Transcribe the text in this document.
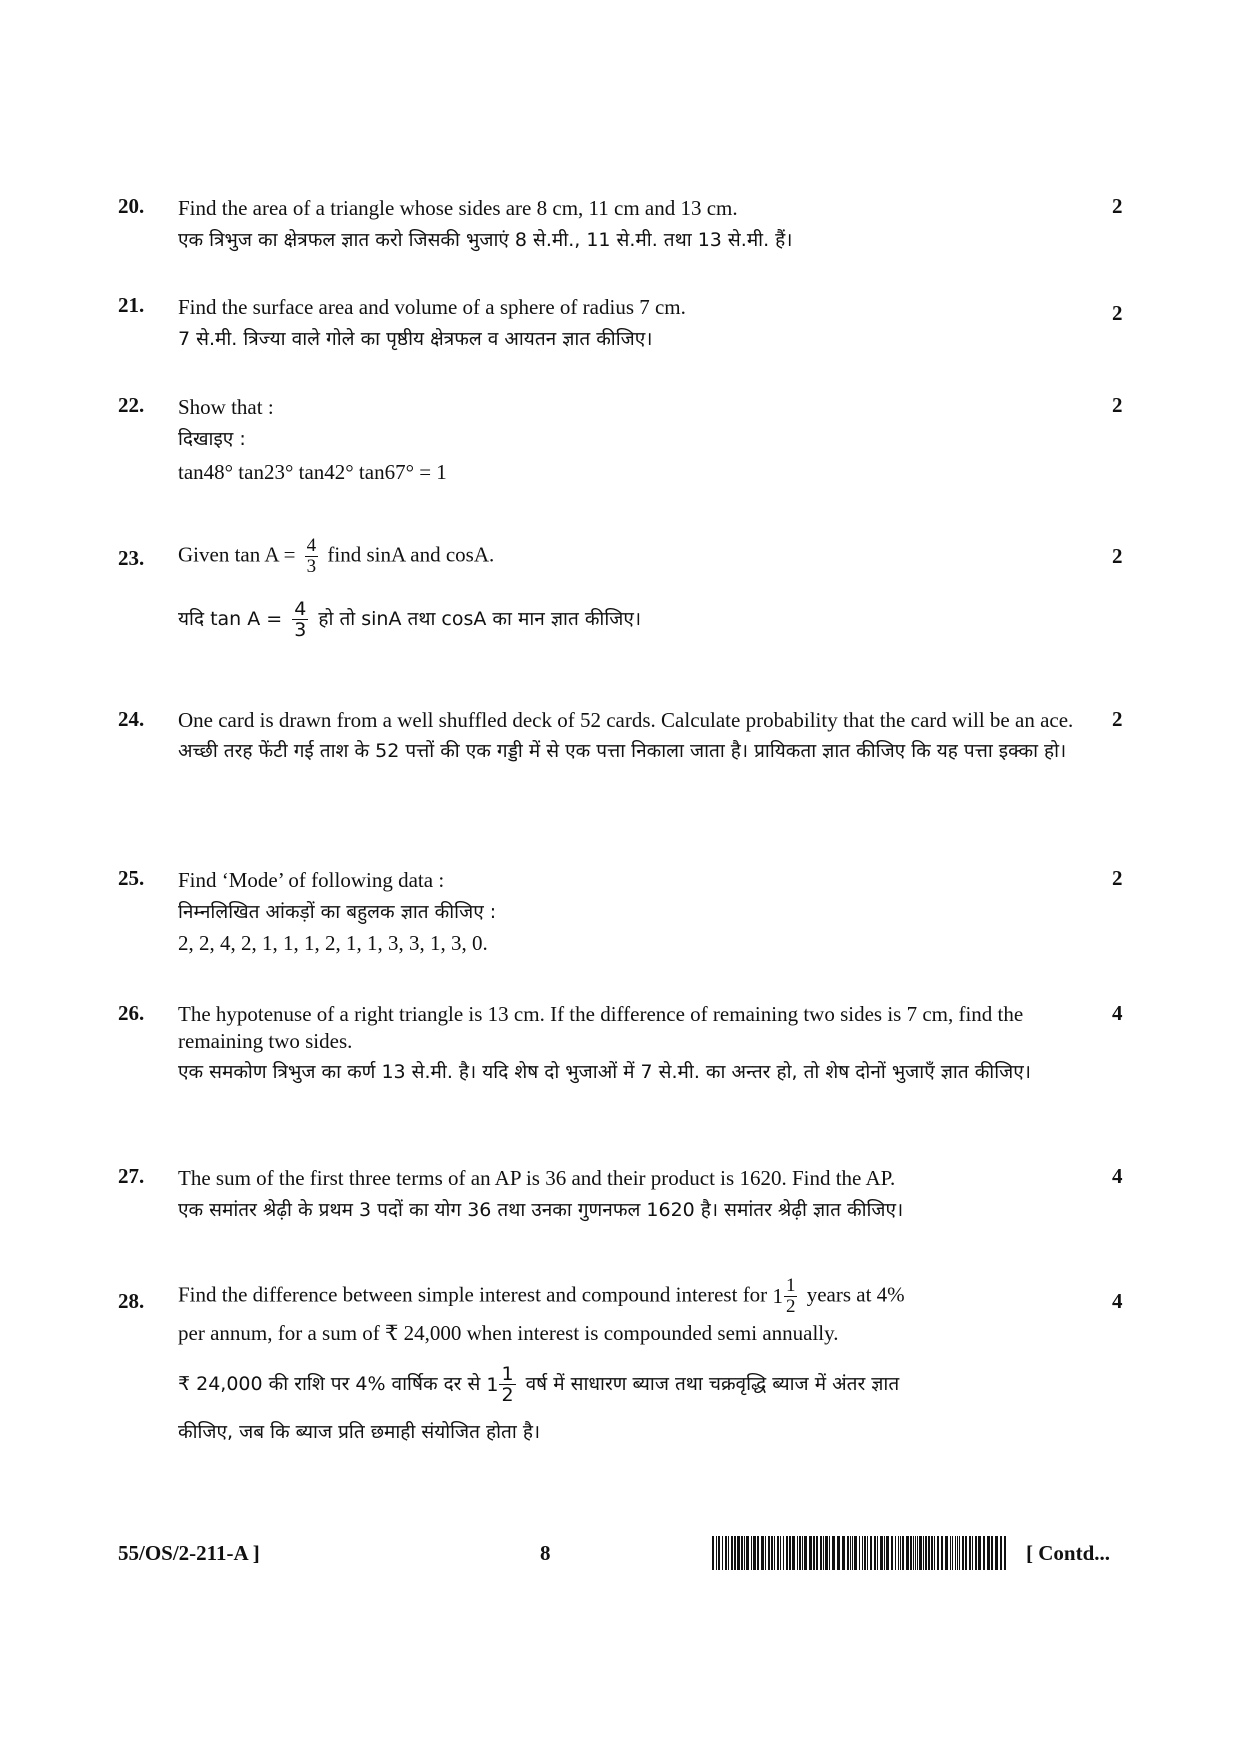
20. Find the area of a triangle whose sides are 8 cm, 11 cm and 13 cm.
एक त्रिभुज का क्षेत्रफल ज्ञात करो जिसकी भुजाएं 8 से.मी., 11 से.मी. तथा 13 से.मी. हैं।
2
21. Find the surface area and volume of a sphere of radius 7 cm.
7 से.मी. त्रिज्या वाले गोले का पृष्ठीय क्षेत्रफल व आयतन ज्ञात कीजिए।
2
22. Show that :
दिखाइए :
tan48° tan23° tan42° tan67° = 1
2
23. Given $\tan A = \frac{4}{3}$ find sinA and cosA.
यदि $\tan A = \frac{4}{3}$ हो तो sinA तथा cosA का मान ज्ञात कीजिए।
2
24. One card is drawn from a well shuffled deck of 52 cards. Calculate probability that the card will be an ace.
अच्छी तरह फेंटी गई ताश के 52 पत्तों की एक गड्डी में से एक पत्ता निकाला जाता है। प्रायिकता ज्ञात कीजिए कि यह पत्ता इक्का हो।
2
25. Find ‘Mode’ of following data :
निम्नलिखित आंकड़ों का बहुलक ज्ञात कीजिए :
2, 2, 4, 2, 1, 1, 1, 2, 1, 1, 3, 3, 1, 3, 0.
2
26. The hypotenuse of a right triangle is 13 cm. If the difference of remaining two sides is 7 cm, find the remaining two sides.
एक समकोण त्रिभुज का कर्ण 13 से.मी. है। यदि शेष दो भुजाओं में 7 से.मी. का अन्तर हो, तो शेष दोनों भुजाएँ ज्ञात कीजिए।
4
27. The sum of the first three terms of an AP is 36 and their product is 1620. Find the AP.
एक समांतर श्रेढ़ी के प्रथम 3 पदों का योग 36 तथा उनका गुणनफल 1620 है। समांतर श्रेढ़ी ज्ञात कीजिए।
4
28. Find the difference between simple interest and compound interest for $1 \frac{1}{2}$ years at 4%
per annum, for a sum of ₹ 24,000 when interest is compounded semi annually.
₹ 24,000 की राशि पर 4% वार्षिक दर से $1 \frac{1}{2}$ वर्ष में साधारण ब्याज तथा चक्रवृद्धि ब्याज में अंतर ज्ञात
कीजिए, जब कि ब्याज प्रति छमाही संयोजित होता है।
4
55/OS/2-211-A ]	8	[ Contd...
